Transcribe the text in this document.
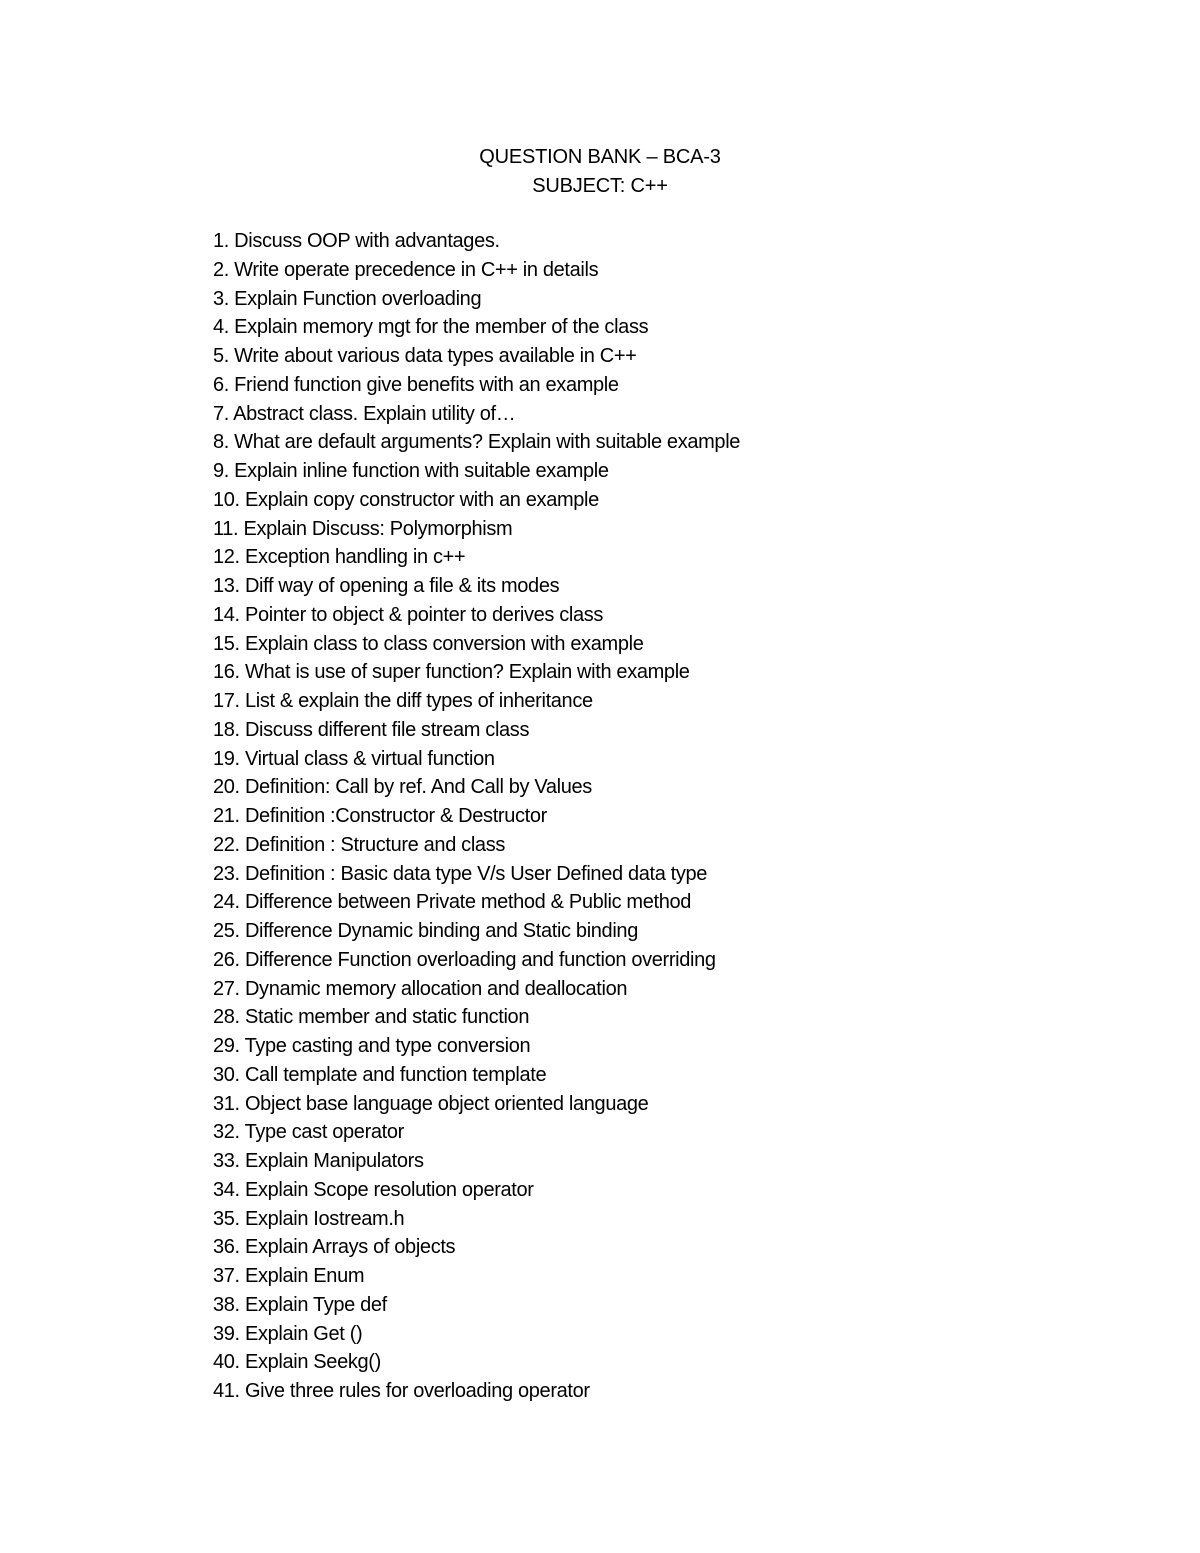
QUESTION BANK – BCA-3
SUBJECT: C++
1. Discuss OOP with advantages.
2. Write operate precedence in C++ in details
3. Explain Function overloading
4. Explain memory mgt for the member of the class
5. Write about various data types available in C++
6. Friend function give benefits with an example
7. Abstract class. Explain utility of…
8. What are default arguments? Explain with suitable example
9. Explain inline function with suitable example
10. Explain copy constructor with an example
11. Explain Discuss: Polymorphism
12. Exception handling in c++
13. Diff way of opening a file & its modes
14. Pointer to object & pointer to derives class
15. Explain class to class conversion with example
16. What is use of super function? Explain with example
17. List & explain the diff types of inheritance
18. Discuss different file stream class
19. Virtual class & virtual function
20. Definition: Call by ref. And Call by Values
21. Definition :Constructor & Destructor
22. Definition : Structure and class
23. Definition : Basic data type V/s User Defined data type
24. Difference between Private method & Public method
25. Difference Dynamic binding and Static binding
26. Difference Function overloading and function overriding
27. Dynamic memory allocation and deallocation
28. Static member and static function
29. Type casting and type conversion
30. Call template and function template
31. Object base language object oriented language
32. Type cast operator
33. Explain Manipulators
34. Explain Scope resolution operator
35. Explain Iostream.h
36. Explain Arrays of objects
37. Explain Enum
38. Explain Type def
39. Explain Get ()
40. Explain Seekg()
41. Give three rules for overloading operator
